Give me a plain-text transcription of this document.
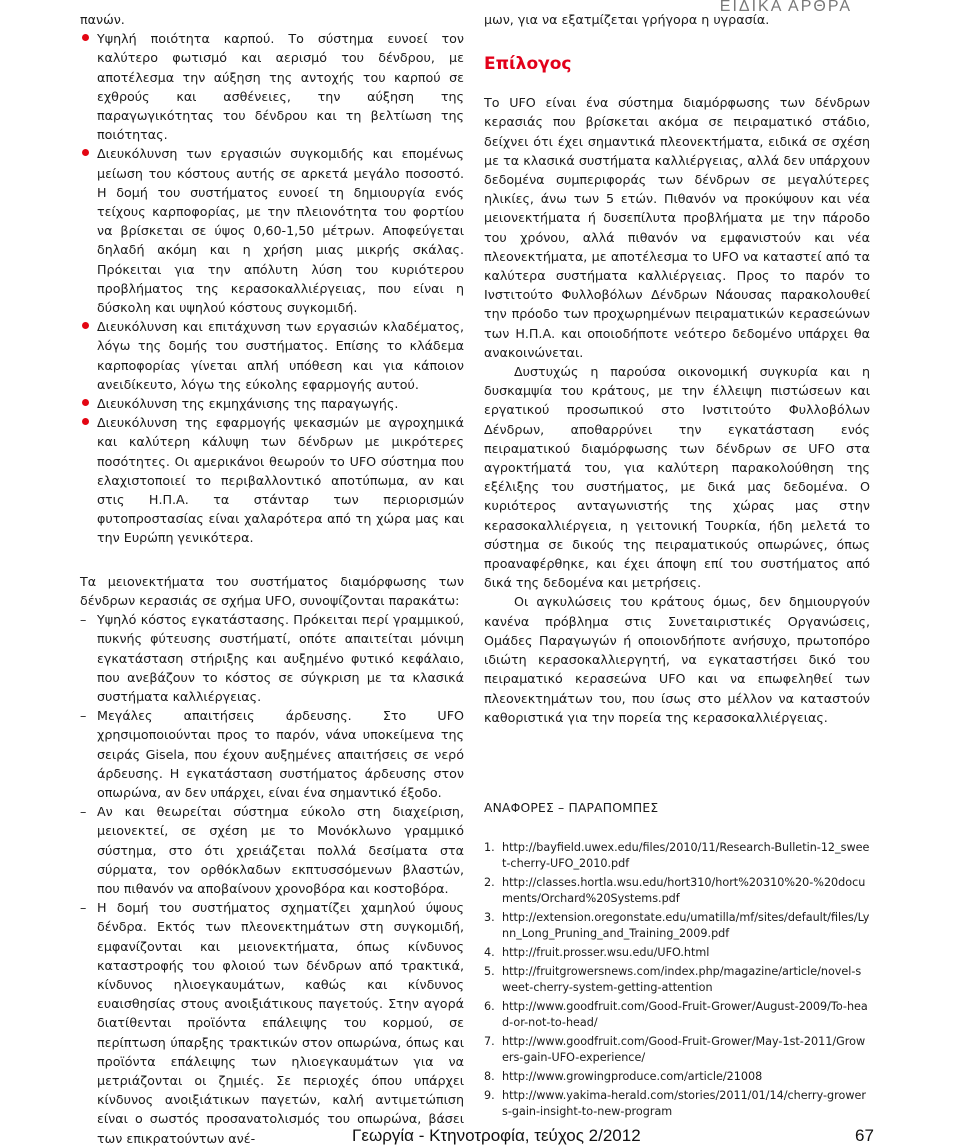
ΕΙΔΙΚΑ ΑΡΘΡΑ

πανών.

Υψηλή ποιότητα καρπού. Το σύστημα ευνοεί τον καλύτερο φωτισμό και αερισμό του δένδρου, με αποτέλεσμα την αύξηση της αντοχής του καρπού σε εχθρούς και ασθένειες, την αύξηση της παραγωγικότητας του δένδρου και τη βελτίωση της ποιότητας.
Διευκόλυνση των εργασιών συγκομιδής και επομένως μείωση του κόστους αυτής σε αρκετά μεγάλο ποσοστό. Η δομή του συστήματος ευνοεί τη δημιουργία ενός τείχους καρποφορίας, με την πλειονότητα του φορτίου να βρίσκεται σε ύψος 0,60-1,50 μέτρων. Αποφεύγεται δηλαδή ακόμη και η χρήση μιας μικρής σκάλας. Πρόκειται για την απόλυτη λύση του κυριότερου προβλήματος της κερασοκαλλιέργειας, που είναι η δύσκολη και υψηλού κόστους συγκομιδή.
Διευκόλυνση και επιτάχυνση των εργασιών κλαδέματος, λόγω της δομής του συστήματος. Επίσης το κλάδεμα καρποφορίας γίνεται απλή υπόθεση και για κάποιον ανειδίκευτο, λόγω της εύκολης εφαρμογής αυτού.
Διευκόλυνση της εκμηχάνισης της παραγωγής.
Διευκόλυνση της εφαρμογής ψεκασμών με αγροχημικά και καλύτερη κάλυψη των δένδρων με μικρότερες ποσότητες. Οι αμερικάνοι θεωρούν το UFO σύστημα που ελαχιστοποιεί το περιβαλλοντικό αποτύπωμα, αν και στις Η.Π.Α. τα στάνταρ των περιορισμών φυτοπροστασίας είναι χαλαρότερα από τη χώρα μας και την Ευρώπη γενικότερα.

Τα μειονεκτήματα του συστήματος διαμόρφωσης των δένδρων κερασιάς σε σχήμα UFO, συνοψίζονται παρακάτω:

– Υψηλό κόστος εγκατάστασης. Πρόκειται περί γραμμικού, πυκνής φύτευσης συστήματί, οπότε απαιτείται μόνιμη εγκατάσταση στήριξης και αυξημένο φυτικό κεφάλαιο, που ανεβάζουν το κόστος σε σύγκριση με τα κλασικά συστήματα καλλιέργειας.
– Μεγάλες απαιτήσεις άρδευσης. Στο UFO χρησιμοποιούνται προς το παρόν, νάνα υποκείμενα της σειράς Gisela, που έχουν αυξημένες απαιτήσεις σε νερό άρδευσης. Η εγκατάσταση συστήματος άρδευσης στον οπωρώνα, αν δεν υπάρχει, είναι ένα σημαντικό έξοδο.
– Αν και θεωρείται σύστημα εύκολο στη διαχείριση, μειονεκτεί, σε σχέση με το Μονόκλωνο γραμμικό σύστημα, στο ότι χρειάζεται πολλά δεσίματα στα σύρματα, τον ορθόκλαδων εκπτυσσόμενων βλαστών, που πιθανόν να αποβαίνουν χρονοβόρα και κοστοβόρα.
– Η δομή του συστήματος σχηματίζει χαμηλού ύψους δένδρα. Εκτός των πλεονεκτημάτων στη συγκομιδή, εμφανίζονται και μειονεκτήματα, όπως κίνδυνος καταστροφής του φλοιού των δένδρων από τρακτικά, κίνδυνος ηλιοεγκαυμάτων, καθώς και κίνδυνος ευαισθησίας στους ανοιξιάτικους παγετούς. Στην αγορά διατίθενται προϊόντα επάλειψης του κορμού, σε περίπτωση ύπαρξης τρακτικών στον οπωρώνα, όπως και προϊόντα επάλειψης των ηλιοεγκαυμάτων για να μετριάζονται οι ζημιές. Σε περιοχές όπου υπάρχει κίνδυνος ανοιξιάτικων παγετών, καλή αντιμετώπιση είναι ο σωστός προσανατολισμός του οπωρώνα, βάσει των επικρατούντων ανέ-

μων, για να εξατμίζεται γρήγορα η υγρασία.

Επίλογος

Το UFO είναι ένα σύστημα διαμόρφωσης των δένδρων κερασιάς που βρίσκεται ακόμα σε πειραματικό στάδιο, δείχνει ότι έχει σημαντικά πλεονεκτήματα, ειδικά σε σχέση με τα κλασικά συστήματα καλλιέργειας, αλλά δεν υπάρχουν δεδομένα συμπεριφοράς των δένδρων σε μεγαλύτερες ηλικίες, άνω των 5 ετών. Πιθανόν να προκύψουν και νέα μειονεκτήματα ή δυσεπίλυτα προβλήματα με την πάροδο του χρόνου, αλλά πιθανόν να εμφανιστούν και νέα πλεονεκτήματα, με αποτέλεσμα το UFO να καταστεί από τα καλύτερα συστήματα καλλιέργειας. Προς το παρόν το Ινστιτούτο Φυλλοβόλων Δένδρων Νάουσας παρακολουθεί την πρόοδο των προχωρημένων πειραματικών κερασεώνων των Η.Π.Α. και οποιοδήποτε νεότερο δεδομένο υπάρχει θα ανακοινώνεται.

Δυστυχώς η παρούσα οικονομική συγκυρία και η δυσκαμψία του κράτους, με την έλλειψη πιστώσεων και εργατικού προσωπικού στο Ινστιτούτο Φυλλοβόλων Δένδρων, αποθαρρύνει την εγκατάσταση ενός πειραματικού διαμόρφωσης των δένδρων σε UFO στα αγροκτήματά του, για καλύτερη παρακολούθηση της εξέλιξης του συστήματος, με δικά μας δεδομένα. Ο κυριότερος ανταγωνιστής της χώρας μας στην κερασοκαλλιέργεια, η γειτονική Τουρκία, ήδη μελετά το σύστημα σε δικούς της πειραματικούς οπωρώνες, όπως προαναφέρθηκε, και έχει άποψη επί του συστήματος από δικά της δεδομένα και μετρήσεις.

Οι αγκυλώσεις του κράτους όμως, δεν δημιουργούν κανένα πρόβλημα στις Συνεταιριστικές Οργανώσεις, Ομάδες Παραγωγών ή οποιονδήποτε ανήσυχο, πρωτοπόρο ιδιώτη κερασοκαλλιεργητή, να εγκαταστήσει δικό του πειραματικό κερασεώνα UFO και να επωφεληθεί των πλεονεκτημάτων του, που ίσως στο μέλλον να καταστούν καθοριστικά για την πορεία της κερασοκαλλιέργειας.

ΑΝΑΦΟΡΕΣ – ΠΑΡΑΠΟΜΠΕΣ
1. http://bayfield.uwex.edu/files/2010/11/Research-Bulletin-12_sweet-cherry-UFO_2010.pdf
2. http://classes.hortla.wsu.edu/hort310/hort%20310%20-%20documents/Orchard%20Systems.pdf
3. http://extension.oregonstate.edu/umatilla/mf/sites/default/files/Lynn_Long_Pruning_and_Training_2009.pdf
4. http://fruit.prosser.wsu.edu/UFO.html
5. http://fruitgrowersnews.com/index.php/magazine/article/novel-sweet-cherry-system-getting-attention
6. http://www.goodfruit.com/Good-Fruit-Grower/August-2009/To-head-or-not-to-head/
7. http://www.goodfruit.com/Good-Fruit-Grower/May-1st-2011/Growers-gain-UFO-experience/
8. http://www.growingproduce.com/article/21008
9. http://www.yakima-herald.com/stories/2011/01/14/cherry-growers-gain-insight-to-new-program
Γεωργία - Κτηνοτροφία, τεύχος 2/2012	67
